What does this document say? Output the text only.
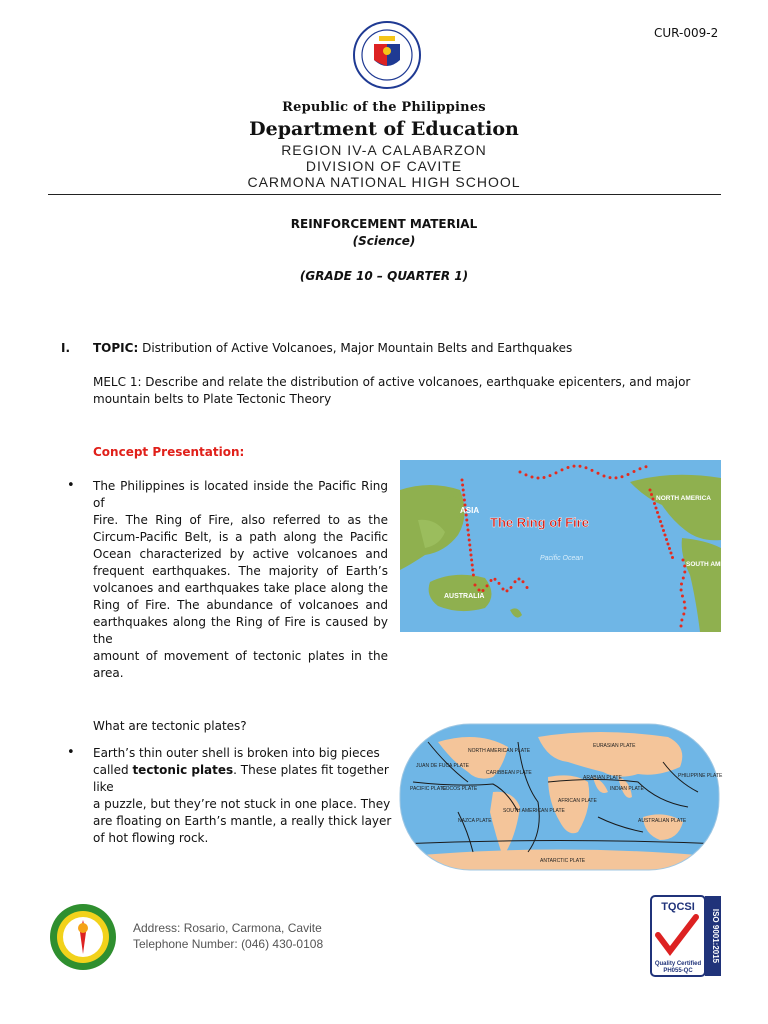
CUR-009-2
Republic of the Philippines
Department of Education
REGION IV-A CALABARZON
DIVISION OF CAVITE
CARMONA NATIONAL HIGH SCHOOL
REINFORCEMENT MATERIAL
(Science)
(GRADE 10 – QUARTER 1)
I. TOPIC: Distribution of Active Volcanoes, Major Mountain Belts and Earthquakes
MELC 1: Describe and relate the distribution of active volcanoes, earthquake epicenters, and major
mountain belts to Plate Tectonic Theory
Concept Presentation:
• The Philippines is located inside the Pacific Ring of
Fire. The Ring of Fire, also referred to as the
Circum-Pacific Belt, is a path along the Pacific
Ocean characterized by active volcanoes and
frequent earthquakes. The majority of Earth’s
volcanoes and earthquakes take place along the
Ring of Fire. The abundance of volcanoes and
earthquakes along the Ring of Fire is caused by the
amount of movement of tectonic plates in the
area.
ASIA
The Ring of Fire
NORTH AMERICA
SOUTH AMERICA
AUSTRALIA
Pacific Ocean
What are tectonic plates?
• Earth’s thin outer shell is broken into big pieces
called tectonic plates. These plates fit together like
a puzzle, but they’re not stuck in one place. They
are floating on Earth’s mantle, a really thick layer
of hot flowing rock.
NORTH AMERICAN PLATE
EURASIAN PLATE
JUAN DE FUCA PLATE
CARIBBEAN PLATE
ARABIAN PLATE	PHILIPPINE PLATE
PACIFIC PLATE
COCOS PLATE
AFRICAN PLATE
INDIAN PLATE
NAZCA PLATE
SOUTH AMERICAN PLATE
AUSTRALIAN PLATE
ANTARCTIC PLATE
Address: Rosario, Carmona, Cavite
Telephone Number: (046) 430-0108
TQCSI
Quality Certified
PH055-QC
ISO 9001:2015
